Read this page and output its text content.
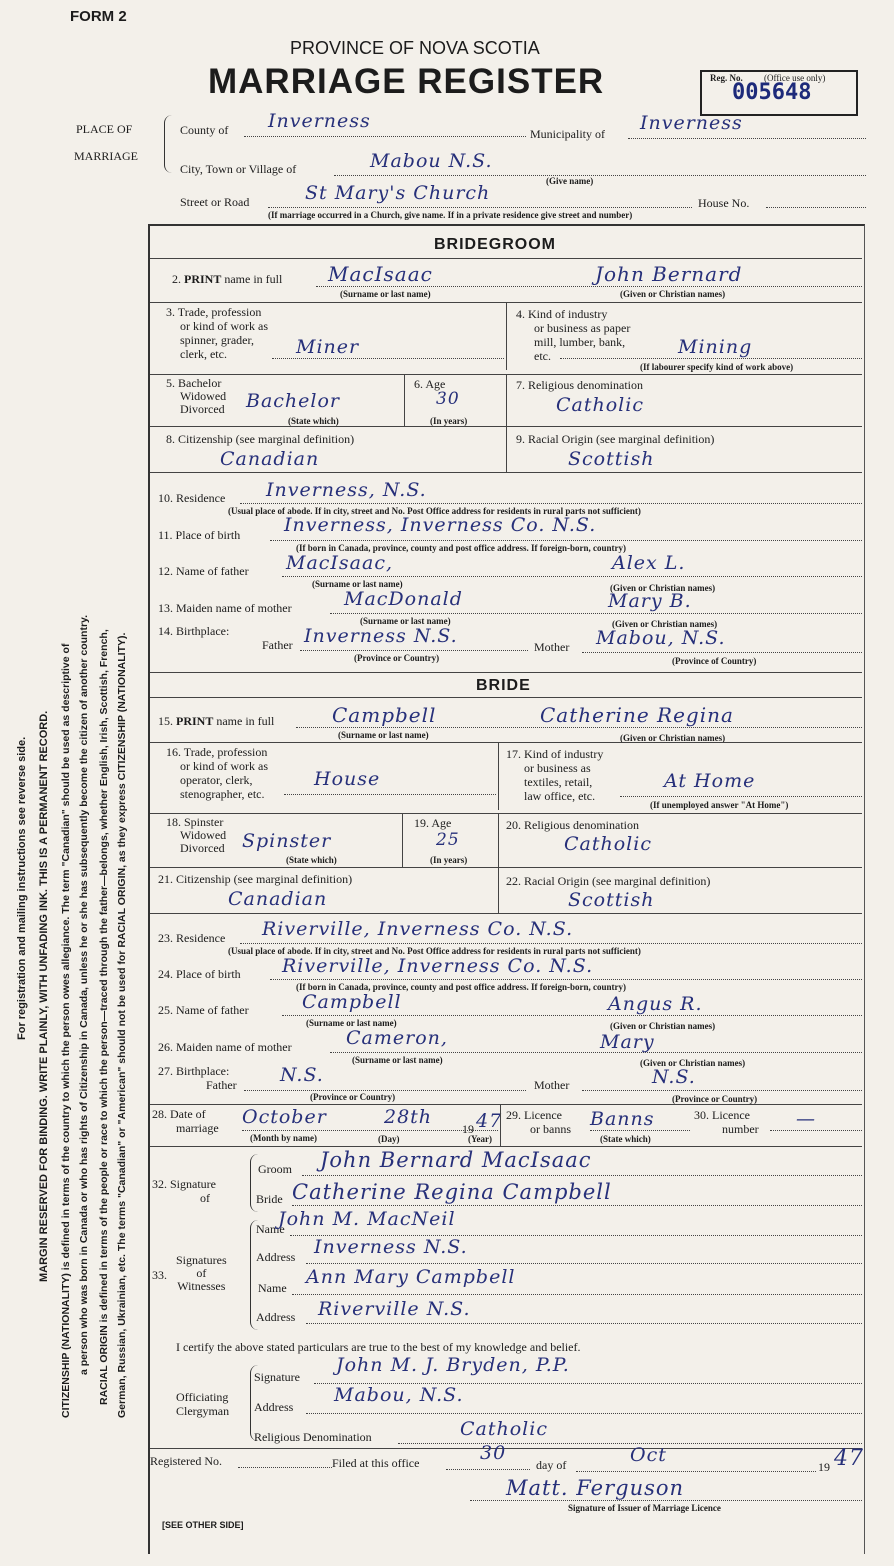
FORM 2
PROVINCE OF NOVA SCOTIA
MARRIAGE REGISTER	Reg. No. (Office use only)
005648
PLACE OF
MARRIAGE
County of Inverness
Municipality of Inverness
City, Town or Village of	Mabou N.S.
(Give name)
Street or Road	St Mary's Church	House No.
(If marriage occurred in a Church, give name. If in a private residence give street and number)
BRIDEGROOM
2. PRINT name in full MacIsaac	John Bernard
(Surname or last name)	(Given or Christian names)
3. Trade, profession
or kind of work as
spinner, grader,
clerk, etc.	Miner
4. Kind of industry
or business as paper
mill, lumber, bank,
etc.	Mining
(If labourer specify kind of work above)
5. Bachelor
Widowed
Divorced Bachelor
(State which)
6. Age
30
(In years)
7. Religious denomination
Catholic
8. Citizenship (see marginal definition)
Canadian
9. Racial Origin (see marginal definition)
Scottish
10. Residence Inverness, N.S.
(Usual place of abode. If in city, street and No. Post Office address for residents in rural parts not sufficient)
11. Place of birth Inverness, Inverness Co. N.S.
(If born in Canada, province, county and post office address. If foreign-born, country)
12. Name of father MacIsaac,	Alex L.
(Surname or last name)	(Given or Christian names)
13. Maiden name of mother	MacDonald	Mary B.
(Surname or last name)	(Given or Christian names)
14. Birthplace:
Father Inverness N.S.	Mother Mabou, N.S.
(Province or Country)	(Province of Country)
BRIDE
15. PRINT name in full	Campbell	Catherine Regina
(Surname or last name)	(Given or Christian names)
16. Trade, profession
or kind of work as
operator, clerk,
stenographer, etc.
House
17. Kind of industry
or business as
textiles, retail,
law office, etc.
At Home
(If unemployed answer "At Home")
18. Spinster
Widowed
Divorced Spinster
(State which)
19. Age
25
(In years)
20. Religious denomination
Catholic
21. Citizenship (see marginal definition)
Canadian
22. Racial Origin (see marginal definition)
Scottish
23. Residence Riverville, Inverness Co. N.S.
(Usual place of abode. If in city, street and No. Post Office address for residents in rural parts not sufficient)
24. Place of birth Riverville, Inverness Co. N.S.
(If born in Canada, province, county and post office address. If foreign-born, country)
25. Name of father	Campbell	Angus R.
(Surname or last name)	(Given or Christian names)
26. Maiden name of mother	Cameron,	Mary
(Surname or last name)	(Given or Christian names)
27. Birthplace:
Father N.S.	Mother	N.S.
(Province or Country)	(Province or Country)
28. Date of
marriage October	28th
19 47
(Month by name)	(Day)	(Year)
29. Licence
or banns Banns
(State which)
30. Licence
number —
32. Signature
of
Groom John Bernard MacIsaac
Bride Catherine Regina Campbell
Signatures
of
Witnesses
33.
Name
John M. MacNeil
Address Inverness N.S.
Name Ann Mary Campbell
Address Riverville N.S.
I certify the above stated particulars are true to the best of my knowledge and belief.
Officiating
Clergyman
Signature
John M. J. Bryden, P.P.
Address
Mabou, N.S.
Religious Denomination	Catholic
Registered No.	Filed at this office	30
day of	Oct
19 47
Matt. Ferguson
Signature of Issuer of Marriage Licence
[SEE OTHER SIDE]
For registration and mailing instructions see reverse side. MARGIN RESERVED FOR BINDING. WRITE PLAINLY, WITH UNFADING INK. THIS IS A PERMANENT RECORD. CITIZENSHIP (NATIONALITY) is defined in terms of the country to which the person owes allegiance. The term "Canadian" should be used as descriptive of a person who was born in Canada or who has rights of Citizenship in Canada, unless he or she has subsequently become the citizen of another country. RACIAL ORIGIN is defined in terms of the people or race to which the person—traced through the father—belongs, whether English, Irish, Scottish, French, German, Russian, Ukrainian, etc. The terms "Canadian" or "American" should not be used for RACIAL ORIGIN, as they express CITIZENSHIP (NATIONALITY).
